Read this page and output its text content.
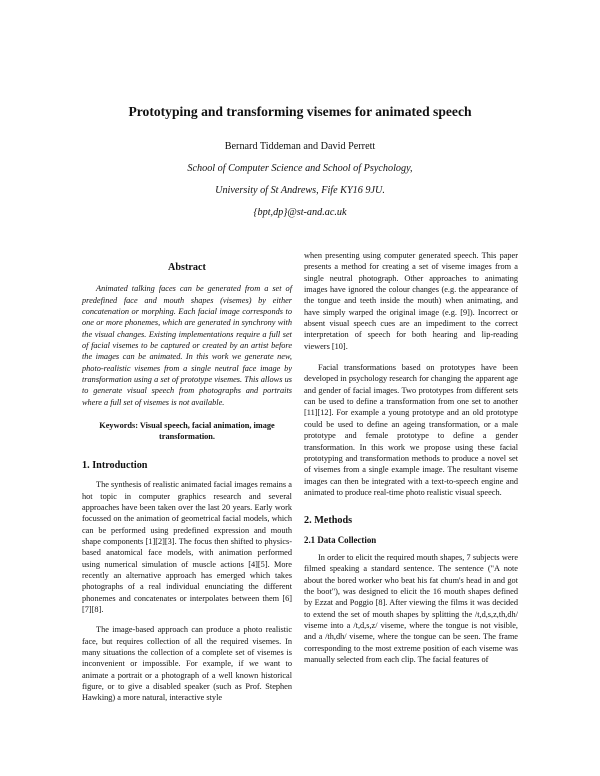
Prototyping and transforming visemes for animated speech
Bernard Tiddeman and David Perrett
School of Computer Science and School of Psychology,
University of St Andrews, Fife KY16 9JU.
{bpt,dp}@st-and.ac.uk
Abstract

Animated talking faces can be generated from a set of predefined face and mouth shapes (visemes) by either concatenation or morphing. Each facial image corresponds to one or more phonemes, which are generated in synchrony with the visual changes. Existing implementations require a full set of facial visemes to be captured or created by an artist before the images can be animated. In this work we generate new, photo-realistic visemes from a single neutral face image by transformation using a set of prototype visemes. This allows us to generate visual speech from photographs and portraits where a full set of visemes is not available.

Keywords: Visual speech, facial animation, image transformation.
1. Introduction

The synthesis of realistic animated facial images remains a hot topic in computer graphics research and several approaches have been taken over the last 20 years. Early work focussed on the animation of geometrical facial models, which can be performed using predefined expression and mouth shape components [1][2][3]. The focus then shifted to physics-based anatomical face models, with animation performed using numerical simulation of muscle actions [4][5]. More recently an alternative approach has emerged which takes photographs of a real individual enunciating the different phonemes and concatenates or interpolates between them [6][7][8].

The image-based approach can produce a photo realistic face, but requires collection of all the required visemes. In many situations the collection of a complete set of visemes is inconvenient or impossible. For example, if we want to animate a portrait or a photograph of a well known historical figure, or to give a disabled speaker (such as Prof. Stephen Hawking) a more natural, interactive style

when presenting using computer generated speech. This paper presents a method for creating a set of viseme images from a single neutral photograph. Other approaches to animating images have ignored the colour changes (e.g. the appearance of the tongue and teeth inside the mouth) when animating, and have simply warped the original image (e.g. [9]). Incorrect or absent visual speech cues are an impediment to the correct interpretation of speech for both hearing and lip-reading viewers [10].

Facial transformations based on prototypes have been developed in psychology research for changing the apparent age and gender of facial images. Two prototypes from different sets can be used to define a transformation from one set to another [11][12]. For example a young prototype and an old prototype could be used to define an ageing transformation, or a male prototype and female prototype to define a gender transformation. In this work we propose using these facial prototyping and transformation methods to produce a novel set of visemes from a single example image. The resultant viseme images can then be integrated with a text-to-speech engine and animated to produce real-time photo realistic visual speech.

2. Methods
2.1 Data Collection

In order to elicit the required mouth shapes, 7 subjects were filmed speaking a standard sentence. The sentence ("A note about the bored worker who beat his fat chum's head in and got the boot"), was designed to elicit the 16 mouth shapes defined by Ezzat and Poggio [8]. After viewing the films it was decided to extend the set of mouth shapes by splitting the /t,d,s,z,th,dh/ viseme into a /t,d,s,z/ viseme, where the tongue is not visible, and a /th,dh/ viseme, where the tongue can be seen. The frame corresponding to the most extreme position of each viseme was manually selected from each clip. The facial features of
